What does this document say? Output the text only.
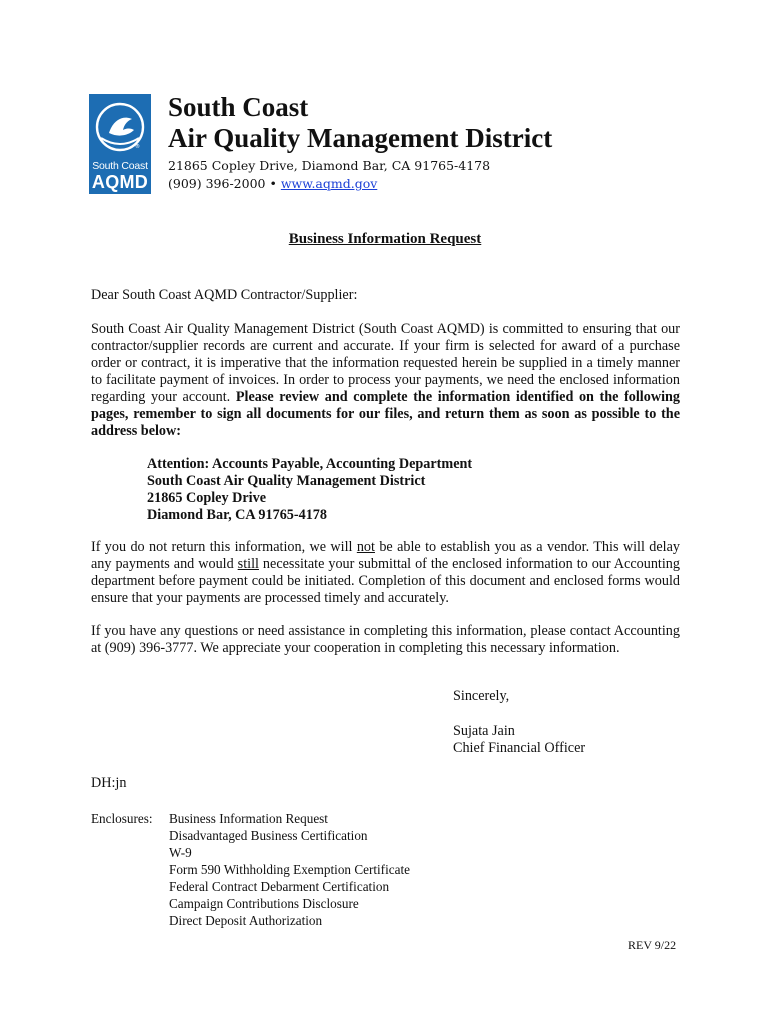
®
South Coast
AQMD
South Coast
Air Quality Management District
21865 Copley Drive, Diamond Bar, CA 91765-4178
(909) 396-2000 • www.aqmd.gov
Business Information Request
Dear South Coast AQMD Contractor/Supplier:
South Coast Air Quality Management District (South Coast AQMD) is committed to ensuring that our contractor/supplier records are current and accurate. If your firm is selected for award of a purchase order or contract, it is imperative that the information requested herein be supplied in a timely manner to facilitate payment of invoices. In order to process your payments, we need the enclosed information regarding your account. Please review and complete the information identified on the following pages, remember to sign all documents for our files, and return them as soon as possible to the address below:
Attention: Accounts Payable, Accounting Department
South Coast Air Quality Management District
21865 Copley Drive
Diamond Bar, CA 91765-4178
If you do not return this information, we will not be able to establish you as a vendor. This will delay any payments and would still necessitate your submittal of the enclosed information to our Accounting department before payment could be initiated. Completion of this document and enclosed forms would ensure that your payments are processed timely and accurately.
If you have any questions or need assistance in completing this information, please contact Accounting at (909) 396-3777. We appreciate your cooperation in completing this necessary information.
Sincerely,
Sujata Jain
Chief Financial Officer
DH:jn
Enclosures: Business Information Request
Disadvantaged Business Certification
W-9
Form 590 Withholding Exemption Certificate
Federal Contract Debarment Certification
Campaign Contributions Disclosure
Direct Deposit Authorization
REV 9/22
